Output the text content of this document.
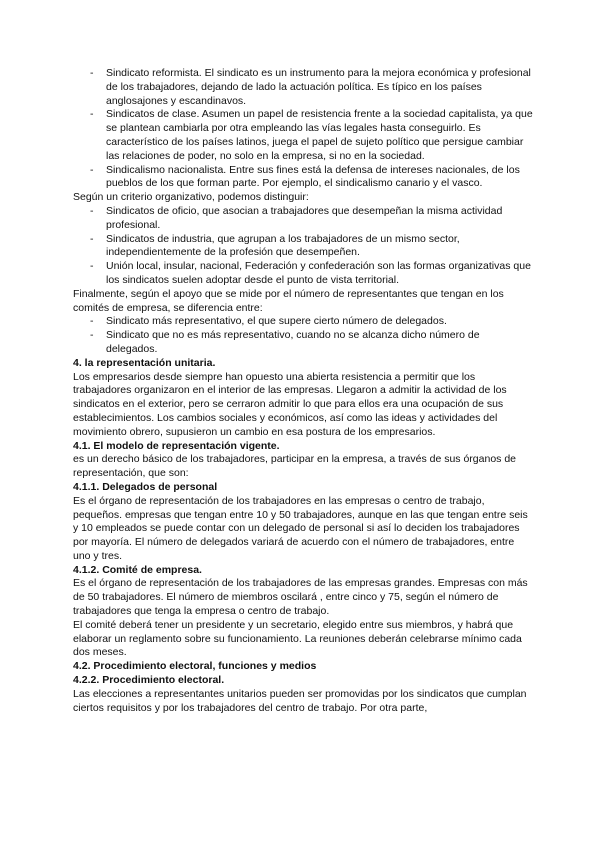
-	Sindicato reformista. El sindicato es un instrumento para la mejora económica y profesional de los trabajadores, dejando de lado la actuación política. Es típico en los países anglosajones y escandinavos.
-	Sindicatos de clase. Asumen un papel de resistencia frente a la sociedad capitalista, ya que se plantean cambiarla por otra empleando las vías legales hasta conseguirlo. Es característico de los países latinos, juega el papel de sujeto político que persigue cambiar las relaciones de poder, no solo en la empresa, si no en la sociedad.
-	Sindicalismo nacionalista. Entre sus fines está la defensa de intereses nacionales, de los pueblos de los que forman parte. Por ejemplo, el sindicalismo canario y el vasco.

Según un criterio organizativo, podemos distinguir:

-	Sindicatos de oficio, que asocian a trabajadores que desempeñan la misma actividad profesional.
-	Sindicatos de industria, que agrupan a los trabajadores de un mismo sector, independientemente de la profesión que desempeñen.
-	Unión local, insular, nacional, Federación y confederación son las formas organizativas que los sindicatos suelen adoptar desde el punto de vista territorial.

Finalmente, según el apoyo que se mide por el número de representantes que tengan en los comités de empresa, se diferencia entre:

-	Sindicato más representativo, el que supere cierto número de delegados.
-	Sindicato que no es más representativo, cuando no se alcanza dicho número de delegados.

4. la representación unitaria.

Los empresarios desde siempre han opuesto una abierta resistencia a permitir que los trabajadores organizaron en el interior de las empresas. Llegaron a admitir la actividad de los sindicatos en el exterior, pero se cerraron admitir lo que para ellos era una ocupación de sus establecimientos. Los cambios sociales y económicos, así como las ideas y actividades del movimiento obrero, supusieron un cambio en esa postura de los empresarios.

4.1. El modelo de representación vigente.

es un derecho básico de los trabajadores, participar en la empresa, a través de sus órganos de representación, que son:

4.1.1. Delegados de personal

Es el órgano de representación de los trabajadores en las empresas o centro de trabajo, pequeños. empresas que tengan entre 10 y 50 trabajadores, aunque en las que tengan entre seis y 10 empleados se puede contar con un delegado de personal si así lo deciden los trabajadores por mayoría. El número de delegados variará de acuerdo con el número de trabajadores, entre uno y tres.

4.1.2. Comité de empresa.

Es el órgano de representación de los trabajadores de las empresas grandes. Empresas con más de 50 trabajadores. El número de miembros oscilará , entre cinco y 75, según el número de trabajadores que tenga la empresa o centro de trabajo.

El comité deberá tener un presidente y un secretario, elegido entre sus miembros, y habrá que elaborar un reglamento sobre su funcionamiento. La reuniones deberán celebrarse mínimo cada dos meses.

4.2. Procedimiento electoral, funciones y medios

4.2.2. Procedimiento electoral.

Las elecciones a representantes unitarios pueden ser promovidas por los sindicatos que cumplan ciertos requisitos y por los trabajadores del centro de trabajo. Por otra parte,
